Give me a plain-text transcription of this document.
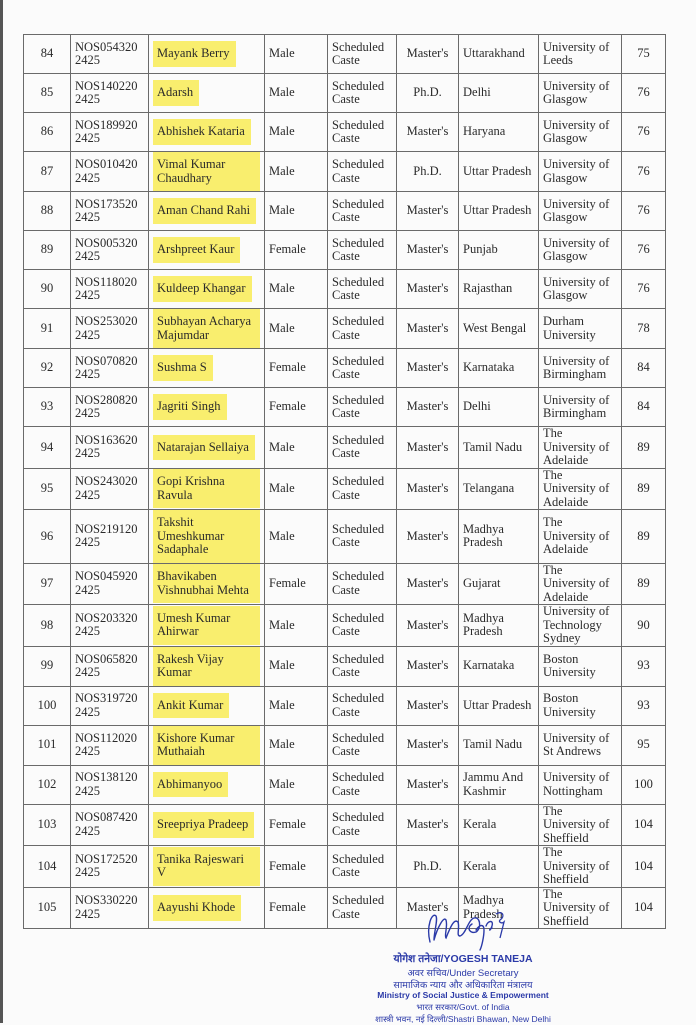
84	NOS054320 2425	Mayank Berry	Male	Scheduled Caste	Master's	Uttarakhand	University of Leeds	75
85	NOS140220 2425	Adarsh	Male	Scheduled Caste	Ph.D.	Delhi	University of Glasgow	76
86	NOS189920 2425	Abhishek Kataria	Male	Scheduled Caste	Master's	Haryana	University of Glasgow	76
87	NOS010420 2425	Vimal Kumar Chaudhary	Male	Scheduled Caste	Ph.D.	Uttar Pradesh	University of Glasgow	76
88	NOS173520 2425	Aman Chand Rahi	Male	Scheduled Caste	Master's	Uttar Pradesh	University of Glasgow	76
89	NOS005320 2425	Arshpreet Kaur	Female	Scheduled Caste	Master's	Punjab	University of Glasgow	76
90	NOS118020 2425	Kuldeep Khangar	Male	Scheduled Caste	Master's	Rajasthan	University of Glasgow	76
91	NOS253020 2425	Subhayan Acharya Majumdar	Male	Scheduled Caste	Master's	West Bengal	Durham University	78
92	NOS070820 2425	Sushma S	Female	Scheduled Caste	Master's	Karnataka	University of Birmingham	84
93	NOS280820 2425	Jagriti Singh	Female	Scheduled Caste	Master's	Delhi	University of Birmingham	84
94	NOS163620 2425	Natarajan Sellaiya	Male	Scheduled Caste	Master's	Tamil Nadu	The University of Adelaide	89
95	NOS243020 2425	Gopi Krishna Ravula	Male	Scheduled Caste	Master's	Telangana	The University of Adelaide	89
96	NOS219120 2425	Takshit Umeshkumar Sadaphale	Male	Scheduled Caste	Master's	Madhya Pradesh	The University of Adelaide	89
97	NOS045920 2425	Bhavikaben Vishnubhai Mehta	Female	Scheduled Caste	Master's	Gujarat	The University of Adelaide	89
98	NOS203320 2425	Umesh Kumar Ahirwar	Male	Scheduled Caste	Master's	Madhya Pradesh	University of Technology Sydney	90
99	NOS065820 2425	Rakesh Vijay Kumar	Male	Scheduled Caste	Master's	Karnataka	Boston University	93
100	NOS319720 2425	Ankit Kumar	Male	Scheduled Caste	Master's	Uttar Pradesh	Boston University	93
101	NOS112020 2425	Kishore Kumar Muthaiah	Male	Scheduled Caste	Master's	Tamil Nadu	University of St Andrews	95
102	NOS138120 2425	Abhimanyoo	Male	Scheduled Caste	Master's	Jammu And Kashmir	University of Nottingham	100
103	NOS087420 2425	Sreepriya Pradeep	Female	Scheduled Caste	Master's	Kerala	The University of Sheffield	104
104	NOS172520 2425	Tanika Rajeswari V	Female	Scheduled Caste	Ph.D.	Kerala	The University of Sheffield	104
105	NOS330220 2425	Aayushi Khode	Female	Scheduled Caste	Master's	Madhya Pradesh	The University of Sheffield	104
योगेश तनेजा/YOGESH TANEJA
अवर सचिव/Under Secretary
सामाजिक न्याय और अधिकारिता मंत्रालय
Ministry of Social Justice & Empowerment
भारत सरकार/Govt. of India
शास्त्री भवन, नई दिल्ली/Shastri Bhawan, New Delhi
